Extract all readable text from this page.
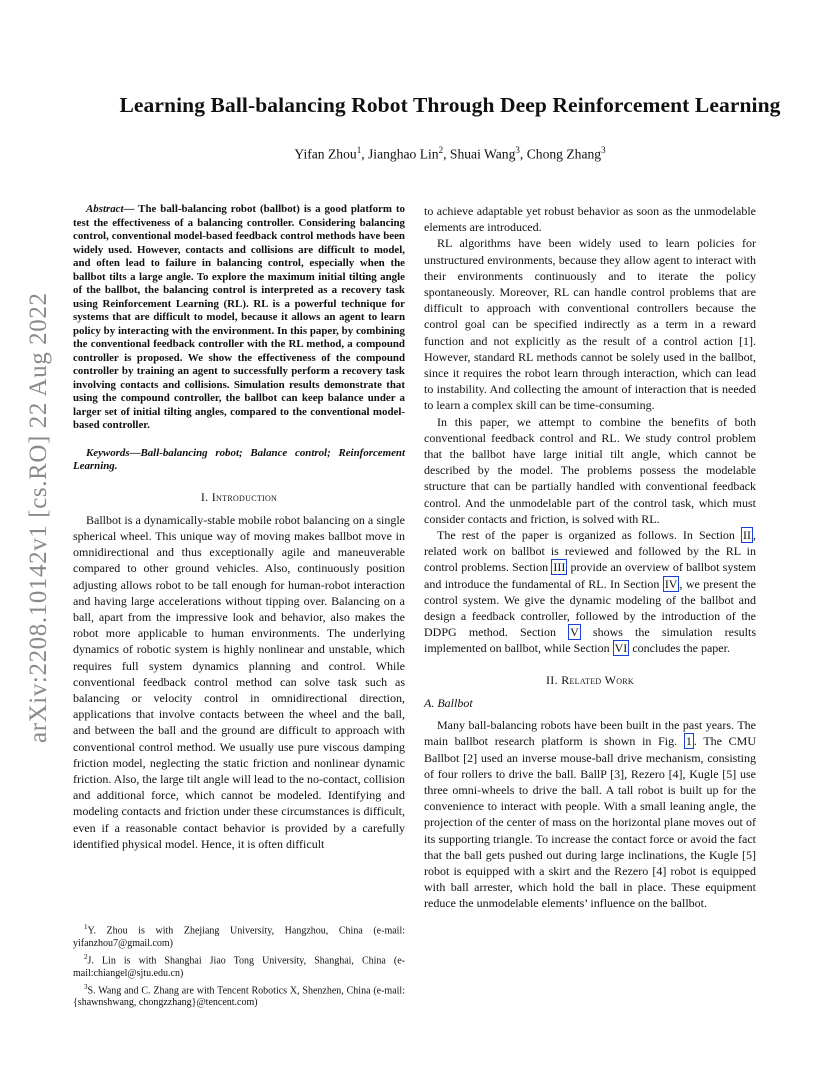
arXiv:2208.10142v1 [cs.RO] 22 Aug 2022
Learning Ball-balancing Robot Through Deep Reinforcement Learning

Yifan Zhou$^1$, Jianghao Lin$^2$, Shuai Wang$^3$, Chong Zhang$^3$

Abstract— The ball-balancing robot (ballbot) is a good platform to test the effectiveness of a balancing controller. Considering balancing control, conventional model-based feedback control methods have been widely used. However, contacts and collisions are difficult to model, and often lead to failure in balancing control, especially when the ballbot tilts a large angle. To explore the maximum initial tilting angle of the ballbot, the balancing control is interpreted as a recovery task using Reinforcement Learning (RL). RL is a powerful technique for systems that are difficult to model, because it allows an agent to learn policy by interacting with the environment. In this paper, by combining the conventional feedback controller with the RL method, a compound controller is proposed. We show the effectiveness of the compound controller by training an agent to successfully perform a recovery task involving contacts and collisions. Simulation results demonstrate that using the compound controller, the ballbot can keep balance under a larger set of initial tilting angles, compared to the conventional model-based controller.

Keywords—Ball-balancing robot; Balance control; Reinforcement Learning.

I. Introduction

Ballbot is a dynamically-stable mobile robot balancing on a single spherical wheel. This unique way of moving makes ballbot move in omnidirectional and thus exceptionally agile and maneuverable compared to other ground vehicles. Also, continuously position adjusting allows robot to be tall enough for human-robot interaction and having large accelerations without tipping over. Balancing on a ball, apart from the impressive look and behavior, also makes the robot more applicable to human environments. The underlying dynamics of robotic system is highly nonlinear and unstable, which requires full system dynamics planning and control. While conventional feedback control method can solve task such as balancing or velocity control in omnidirectional direction, applications that involve contacts between the wheel and the ball, and between the ball and the ground are difficult to approach with conventional control method. We usually use pure viscous damping friction model, neglecting the static friction and nonlinear dynamic friction. Also, the large tilt angle will lead to the no-contact, collision and additional force, which cannot be modeled. Identifying and modeling contacts and friction under these circumstances is difficult, even if a reasonable contact behavior is provided by a carefully identified physical model. Hence, it is often difficult

to achieve adaptable yet robust behavior as soon as the unmodelable elements are introduced.

RL algorithms have been widely used to learn policies for unstructured environments, because they allow agent to interact with their environments continuously and to iterate the policy spontaneously. Moreover, RL can handle control problems that are difficult to approach with conventional controllers because the control goal can be specified indirectly as a term in a reward function and not explicitly as the result of a control action [1]. However, standard RL methods cannot be solely used in the ballbot, since it requires the robot learn through interaction, which can lead to instability. And collecting the amount of interaction that is needed to learn a complex skill can be time-consuming.

In this paper, we attempt to combine the benefits of both conventional feedback control and RL. We study control problem that the ballbot have large initial tilt angle, which cannot be described by the model. The problems possess the modelable structure that can be partially handled with conventional feedback control. And the unmodelable part of the control task, which must consider contacts and friction, is solved with RL.

The rest of the paper is organized as follows. In Section II , related work on ballbot is reviewed and followed by the RL in control problems. Section III provide an overview of ballbot system and introduce the fundamental of RL. In Section IV , we present the control system. We give the dynamic modeling of the ballbot and design a feedback controller, followed by the introduction of the DDPG method. Section V shows the simulation results implemented on ballbot, while Section VI concludes the paper.

II. Related Work

A. Ballbot

Many ball-balancing robots have been built in the past years. The main ballbot research platform is shown in Fig. 1 . The CMU Ballbot [2] used an inverse mouse-ball drive mechanism, consisting of four rollers to drive the ball. BallP [3], Rezero [4], Kugle [5] use three omni-wheels to drive the ball. A tall robot is built up for the convenience to interact with people. With a small leaning angle, the projection of the center of mass on the horizontal plane moves out of its supporting triangle. To increase the contact force or avoid the fact that the ball gets pushed out during large inclinations, the Kugle [5] robot is equipped with a skirt and the Rezero [4] robot is equipped with ball arrester, which hold the ball in place. These equipment reduce the unmodelable elements’ influence on the ballbot.

$^1$Y. Zhou is with Zhejiang University, Hangzhou, China (e-mail: yifanzhou7@gmail.com)

$^2$J. Lin is with Shanghai Jiao Tong University, Shanghai, China (e-mail:chiangel@sjtu.edu.cn)

$^3$S. Wang and C. Zhang are with Tencent Robotics X, Shenzhen, China (e-mail: {shawnshwang, chongzzhang}@tencent.com)
